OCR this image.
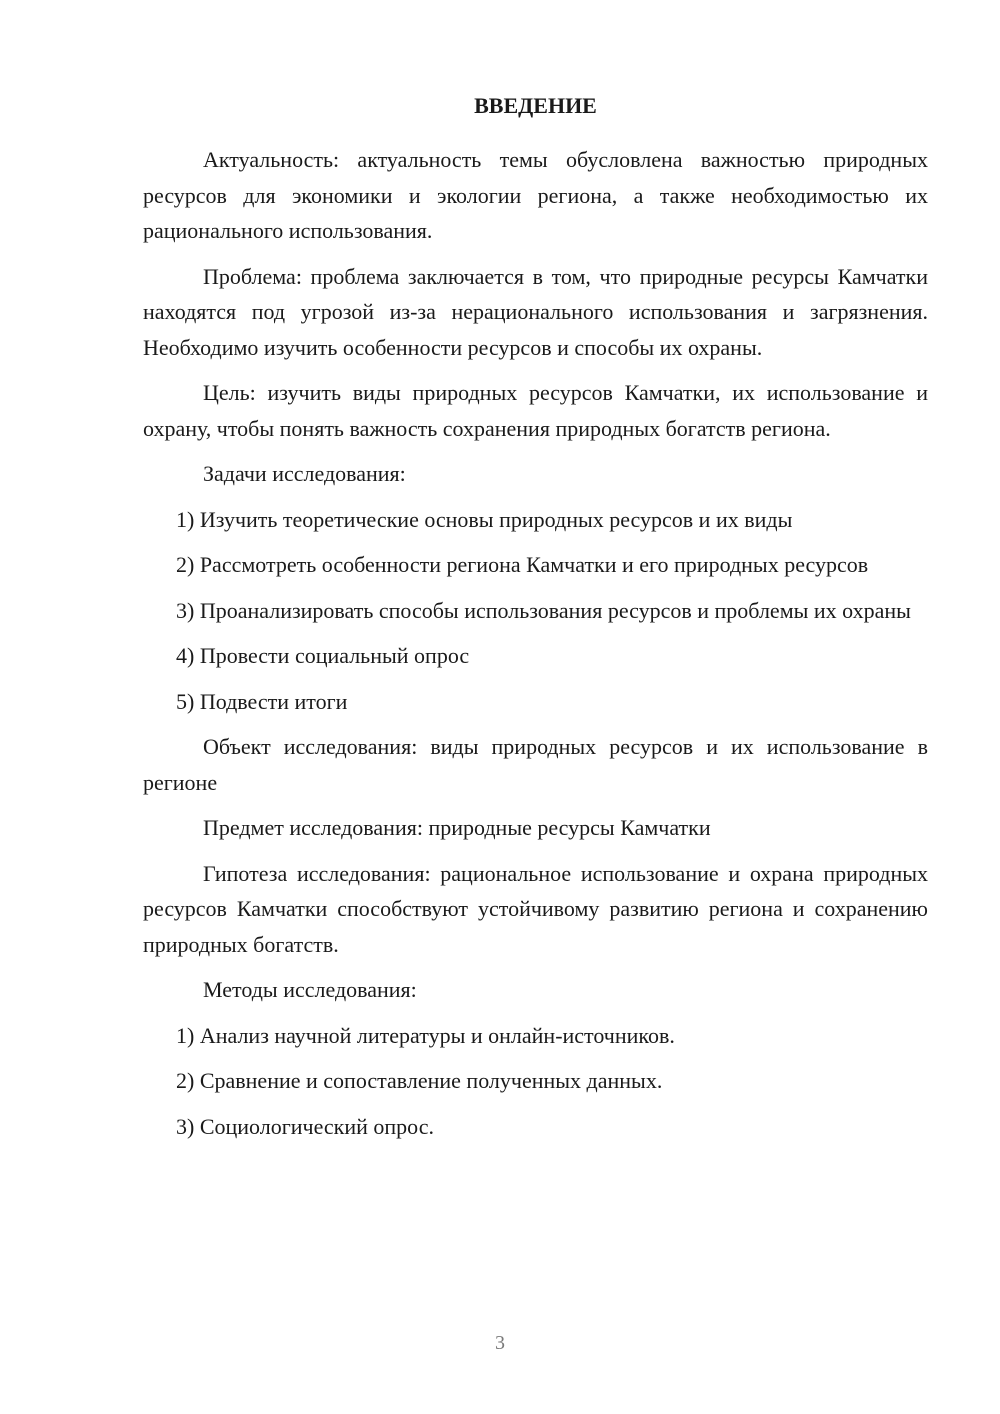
ВВЕДЕНИЕ

Актуальность: актуальность темы обусловлена важностью природных ресурсов для экономики и экологии региона, а также необходимостью их рационального использования.

Проблема: проблема заключается в том, что природные ресурсы Камчатки находятся под угрозой из-за нерационального использования и загрязнения. Необходимо изучить особенности ресурсов и способы их охраны.

Цель: изучить виды природных ресурсов Камчатки, их использование и охрану, чтобы понять важность сохранения природных богатств региона.

Задачи исследования:

1) Изучить теоретические основы природных ресурсов и их виды

2) Рассмотреть особенности региона Камчатки и его природных ресурсов

3) Проанализировать способы использования ресурсов и проблемы их охраны

4) Провести социальный опрос

5) Подвести итоги

Объект исследования: виды природных ресурсов и их использование в регионе

Предмет исследования: природные ресурсы Камчатки

Гипотеза исследования: рациональное использование и охрана природных ресурсов Камчатки способствуют устойчивому развитию региона и сохранению природных богатств.

Методы исследования:

1) Анализ научной литературы и онлайн-источников.

2) Сравнение и сопоставление полученных данных.

3) Социологический опрос.

3
